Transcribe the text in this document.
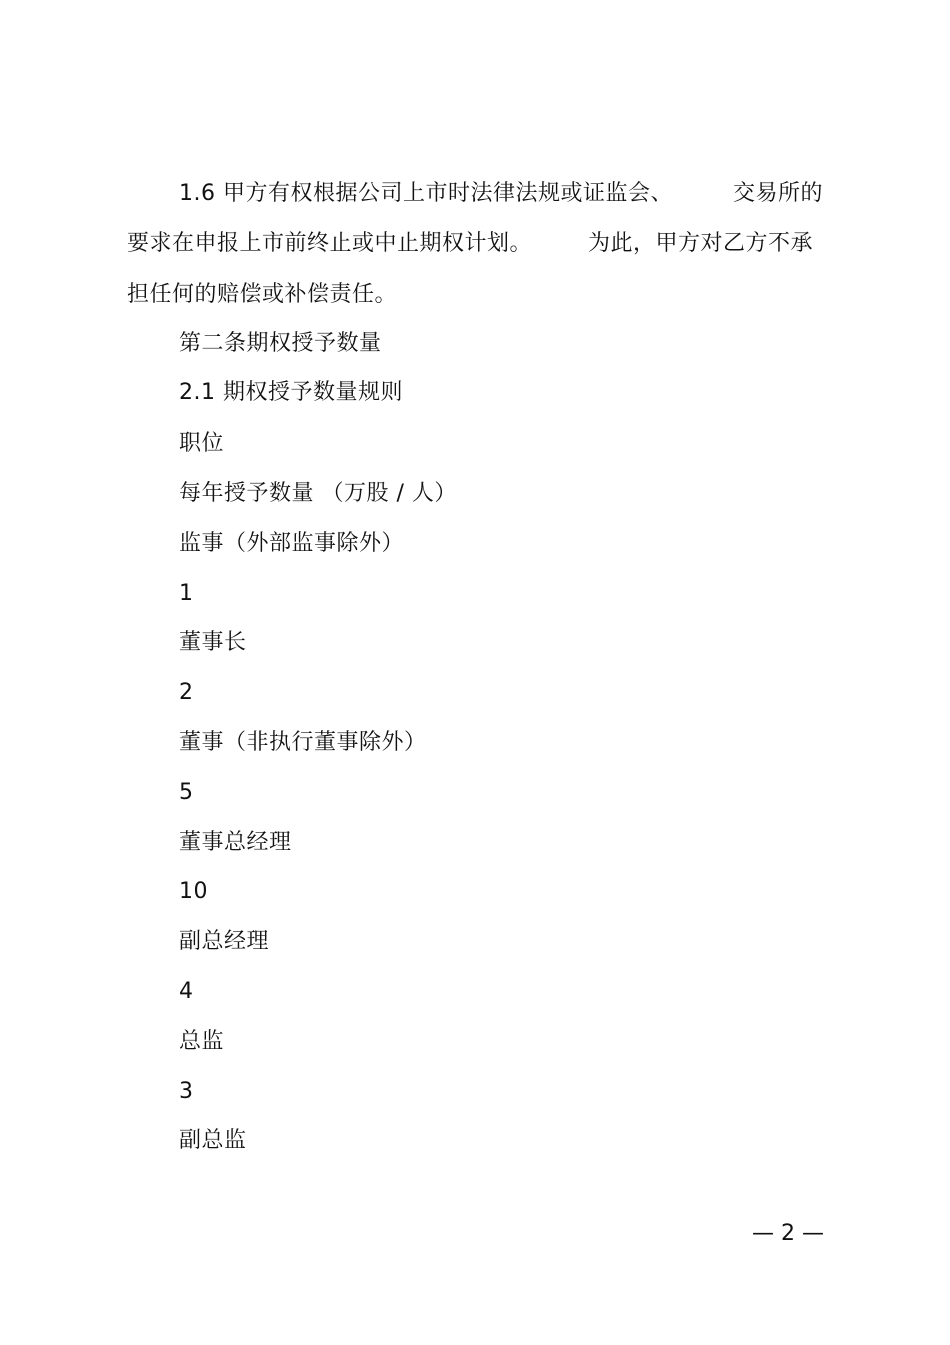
1.6 甲方有权根据公司上市时法律法规或证监会、	交易所的
要求在申报上市前终止或中止期权计划。	为此，甲方对乙方不承
担任何的赔偿或补偿责任。
第二条期权授予数量
2.1 期权授予数量规则
职位
每年授予数量 （万股 / 人）
监事（外部监事除外）
1
董事长
2
董事（非执行董事除外）
5
董事总经理
10
副总经理
4
总监
3
副总监
— 2 —
